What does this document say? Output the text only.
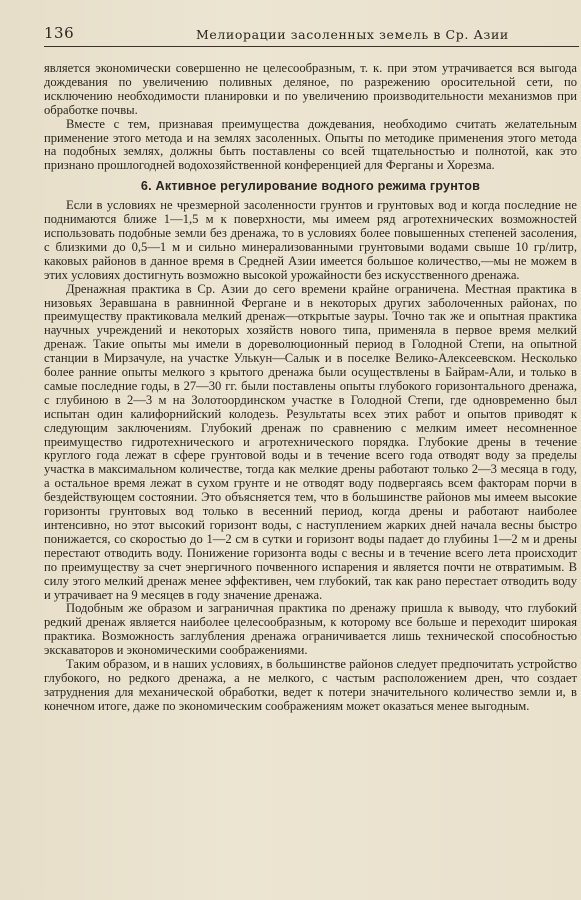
136	Мелиорации засоленных земель в Ср. Азии

является экономически совершенно не целесообразным, т. к. при этом утрачивается вся выгода дождевания по увеличению поливных деляное, по разрежению оросительной сети, по исключению необходимости планировки и по увеличению производительности механизмов при обработке почвы.

Вместе с тем, признавая преимущества дождевания, необходимо считать желательным применение этого метода и на землях засоленных. Опыты по методике применения этого метода на подобных землях, должны быть поставлены со всей тщательностью и полнотой, как это признано прошлогодней водохозяйственной конференцией для Ферганы и Хорезма.

6. Активное регулирование водного режима грунтов

Если в условиях не чрезмерной засоленности грунтов и грунтовых вод и когда последние не поднимаются ближе 1—1,5 м к поверхности, мы имеем ряд агротехнических возможностей использовать подобные земли без дренажа, то в условиях более повышенных степеней засоления, с близкими до 0,5—1 м и сильно минерализованными грунтовыми водами свыше 10 гр/литр, каковых районов в данное время в Средней Азии имеется большое количество,—мы не можем в этих условиях достигнуть возможно высокой урожайности без искусственного дренажа.

Дренажная практика в Ср. Азии до сего времени крайне ограничена. Местная практика в низовьях Зеравшана в равнинной Фергане и в некоторых других заболоченных районах, по преимуществу практиковала мелкий дренаж—открытые зауры. Точно так же и опытная практика научных учреждений и некоторых хозяйств нового типа, применяла в первое время мелкий дренаж. Такие опыты мы имели в дореволюционный период в Голодной Степи, на опытной станции в Мирзачуле, на участке Улькун—Салык и в поселке Велико-Алексеевском. Несколько более ранние опыты мелкого з крытого дренажа были осуществлены в Байрам-Али, и только в самые последние годы, в 27—30 гг. были поставлены опыты глубокого горизонтального дренажа, с глубиною в 2—3 м на Золотоординском участке в Голодной Степи, где одновременно был испытан один калифорнийский колодезь. Результаты всех этих работ и опытов приводят к следующим заключениям. Глубокий дренаж по сравнению с мелким имеет несомненное преимущество гидротехнического и агротехнического порядка. Глубокие дрены в течение круглого года лежат в сфере грунтовой воды и в течение всего года отводят воду за пределы участка в максимальном количестве, тогда как мелкие дрены работают только 2—3 месяца в году, а остальное время лежат в сухом грунте и не отводят воду подвергаясь всем факторам порчи в бездействующем состоянии. Это объясняется тем, что в большинстве районов мы имеем высокие горизонты грунтовых вод только в весенний период, когда дрены и работают наиболее интенсивно, но этот высокий горизонт воды, с наступлением жарких дней начала весны быстро понижается, со скоростью до 1—2 см в сутки и горизонт воды падает до глубины 1—2 м и дрены перестают отводить воду. Понижение горизонта воды с весны и в течение всего лета происходит по преимуществу за счет энергичного почвенного испарения и является почти не отвратимым. В силу этого мелкий дренаж менее эффективен, чем глубокий, так как рано перестает отводить воду и утрачивает на 9 месяцев в году значение дренажа.

Подобным же образом и заграничная практика по дренажу пришла к выводу, что глубокий редкий дренаж является наиболее целесообразным, к которому все больше и переходит широкая практика. Возможность заглубления дренажа ограничивается лишь технической способностью экскаваторов и экономическими соображениями.

Таким образом, и в наших условиях, в большинстве районов следует предпочитать устройство глубокого, но редкого дренажа, а не мелкого, с частым расположением дрен, что создает затруднения для механической обработки, ведет к потери значительного количество земли и, в конечном итоге, даже по экономическим соображениям может оказаться менее выгодным.
